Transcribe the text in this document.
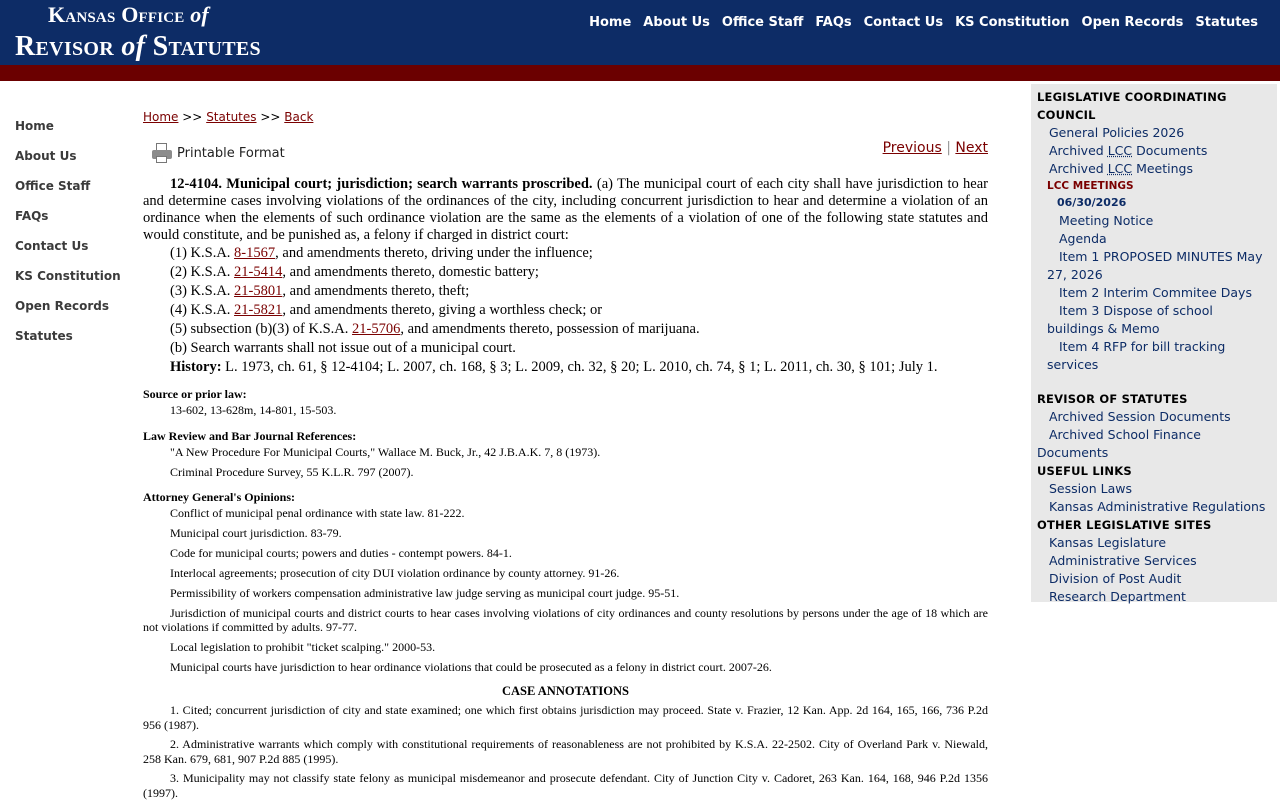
Kansas Office of
Revisor of Statutes
Home About Us Office Staff FAQs Contact Us KS Constitution Open Records Statutes
Home
About Us
Office Staff
FAQs
Contact Us
KS Constitution
Open Records
Statutes
Home >> Statutes >> Back
Printable Format	Previous | Next

12-4104. Municipal court; jurisdiction; search warrants proscribed. (a) The municipal court of each city shall have jurisdiction to hear and determine cases involving violations of the ordinances of the city, including concurrent jurisdiction to hear and determine a violation of an ordinance when the elements of such ordinance violation are the same as the elements of a violation of one of the following state statutes and would constitute, and be punished as, a felony if charged in district court:

(1) K.S.A. 8-1567, and amendments thereto, driving under the influence;
(2) K.S.A. 21-5414, and amendments thereto, domestic battery;
(3) K.S.A. 21-5801, and amendments thereto, theft;
(4) K.S.A. 21-5821, and amendments thereto, giving a worthless check; or
(5) subsection (b)(3) of K.S.A. 21-5706, and amendments thereto, possession of marijuana.
(b) Search warrants shall not issue out of a municipal court.
History: L. 1973, ch. 61, § 12-4104; L. 2007, ch. 168, § 3; L. 2009, ch. 32, § 20; L. 2010, ch. 74, § 1; L. 2011, ch. 30, § 101; July 1.
Source or prior law:
13-602, 13-628m, 14-801, 15-503.
Law Review and Bar Journal References:
"A New Procedure For Municipal Courts," Wallace M. Buck, Jr., 42 J.B.A.K. 7, 8 (1973).
Criminal Procedure Survey, 55 K.L.R. 797 (2007).
Attorney General's Opinions:
Conflict of municipal penal ordinance with state law. 81-222.
Municipal court jurisdiction. 83-79.
Code for municipal courts; powers and duties - contempt powers. 84-1.
Interlocal agreements; prosecution of city DUI violation ordinance by county attorney. 91-26.
Permissibility of workers compensation administrative law judge serving as municipal court judge. 95-51.
Jurisdiction of municipal courts and district courts to hear cases involving violations of city ordinances and county resolutions by persons under the age of 18 which are not violations if committed by adults. 97-77.
Local legislation to prohibit "ticket scalping." 2000-53.
Municipal courts have jurisdiction to hear ordinance violations that could be prosecuted as a felony in district court. 2007-26.
CASE ANNOTATIONS
1. Cited; concurrent jurisdiction of city and state examined; one which first obtains jurisdiction may proceed. State v. Frazier, 12 Kan. App. 2d 164, 165, 166, 736 P.2d 956 (1987).
2. Administrative warrants which comply with constitutional requirements of reasonableness are not prohibited by K.S.A. 22-2502. City of Overland Park v. Niewald, 258 Kan. 679, 681, 907 P.2d 885 (1995).
3. Municipality may not classify state felony as municipal misdemeanor and prosecute defendant. City of Junction City v. Cadoret, 263 Kan. 164, 168, 946 P.2d 1356 (1997).
LEGISLATIVE COORDINATING COUNCIL
General Policies 2026
Archived LCC Documents
Archived LCC Meetings
LCC MEETINGS
06/30/2026
Meeting Notice
Agenda
Item 1 PROPOSED MINUTES May 27, 2026
Item 2 Interim Commitee Days
Item 3 Dispose of school buildings & Memo
Item 4 RFP for bill tracking services
REVISOR OF STATUTES
Archived Session Documents
Archived School Finance Documents
USEFUL LINKS
Session Laws
Kansas Administrative Regulations
OTHER LEGISLATIVE SITES
Kansas Legislature
Administrative Services
Division of Post Audit
Research Department
